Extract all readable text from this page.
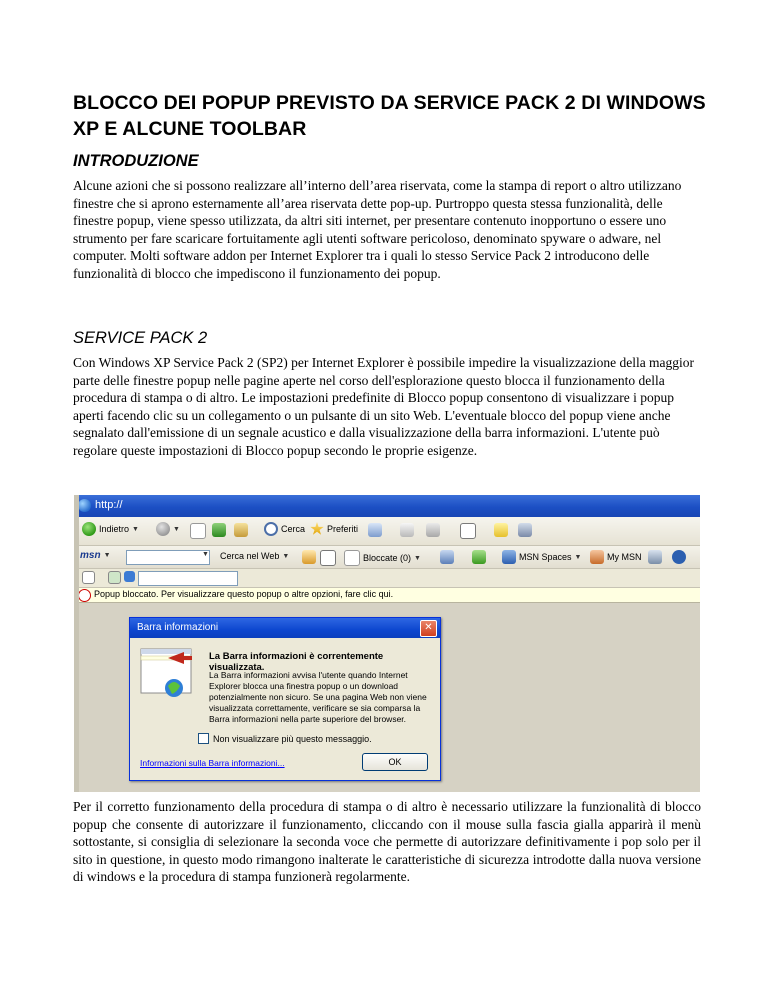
BLOCCO DEI POPUP PREVISTO DA SERVICE PACK 2 DI WINDOWS XP E ALCUNE TOOLBAR
INTRODUZIONE

Alcune azioni che si possono realizzare all’interno dell’area riservata, come la stampa di report o altro utilizzano finestre che si aprono esternamente all’area riservata dette pop-up. Purtroppo questa stessa funzionalità, delle finestre popup, viene spesso utilizzata, da altri siti internet, per presentare contenuto inopportuno o essere uno strumento per fare scaricare fortuitamente agli utenti software pericoloso, denominato spyware o adware, nel computer. Molti software addon per Internet Explorer tra i quali lo stesso Service Pack 2 introducono delle funzionalità di blocco che impediscono il funzionamento dei popup.

SERVICE PACK 2

Con Windows XP Service Pack 2 (SP2) per Internet Explorer è possibile impedire la visualizzazione della maggior parte delle finestre popup nelle pagine aperte nel corso dell'esplorazione questo blocca il funzionamento della procedura di stampa o di altro. Le impostazioni predefinite di Blocco popup consentono di visualizzare i popup aperti facendo clic su un collegamento o un pulsante di un sito Web. L'eventuale blocco del popup viene anche segnalato dall'emissione di un segnale acustico e dalla visualizzazione della barra informazioni. L'utente può regolare queste impostazioni di Blocco popup secondo le proprie esigenze.

http://
Indietro ▼	▼	Cerca Preferiti
msn ▼	▼ Cerca nel Web ▼	Bloccate (0) ▼	MSN Spaces ▼	My MSN
Popup bloccato. Per visualizzare questo popup o altre opzioni, fare clic qui.
Barra informazioni	✕
La Barra informazioni è correntemente visualizzata.
La Barra informazioni avvisa l'utente quando Internet Explorer blocca una finestra popup o un download potenzialmente non sicuro. Se una pagina Web non viene visualizzata correttamente, verificare se sia comparsa la Barra informazioni nella parte superiore del browser.
Non visualizzare più questo messaggio.
Informazioni sulla Barra informazioni...	OK

Per il corretto funzionamento della procedura di stampa o di altro è necessario utilizzare la funzionalità di blocco popup che consente di autorizzare il funzionamento, cliccando con il mouse sulla fascia gialla apparirà il menù sottostante, si consiglia di selezionare la seconda voce che permette di autorizzare definitivamente i pop solo per il sito in questione, in questo modo rimangono inalterate le caratteristiche di sicurezza introdotte dalla nuova versione di windows e la procedura di stampa funzionerà regolarmente.
